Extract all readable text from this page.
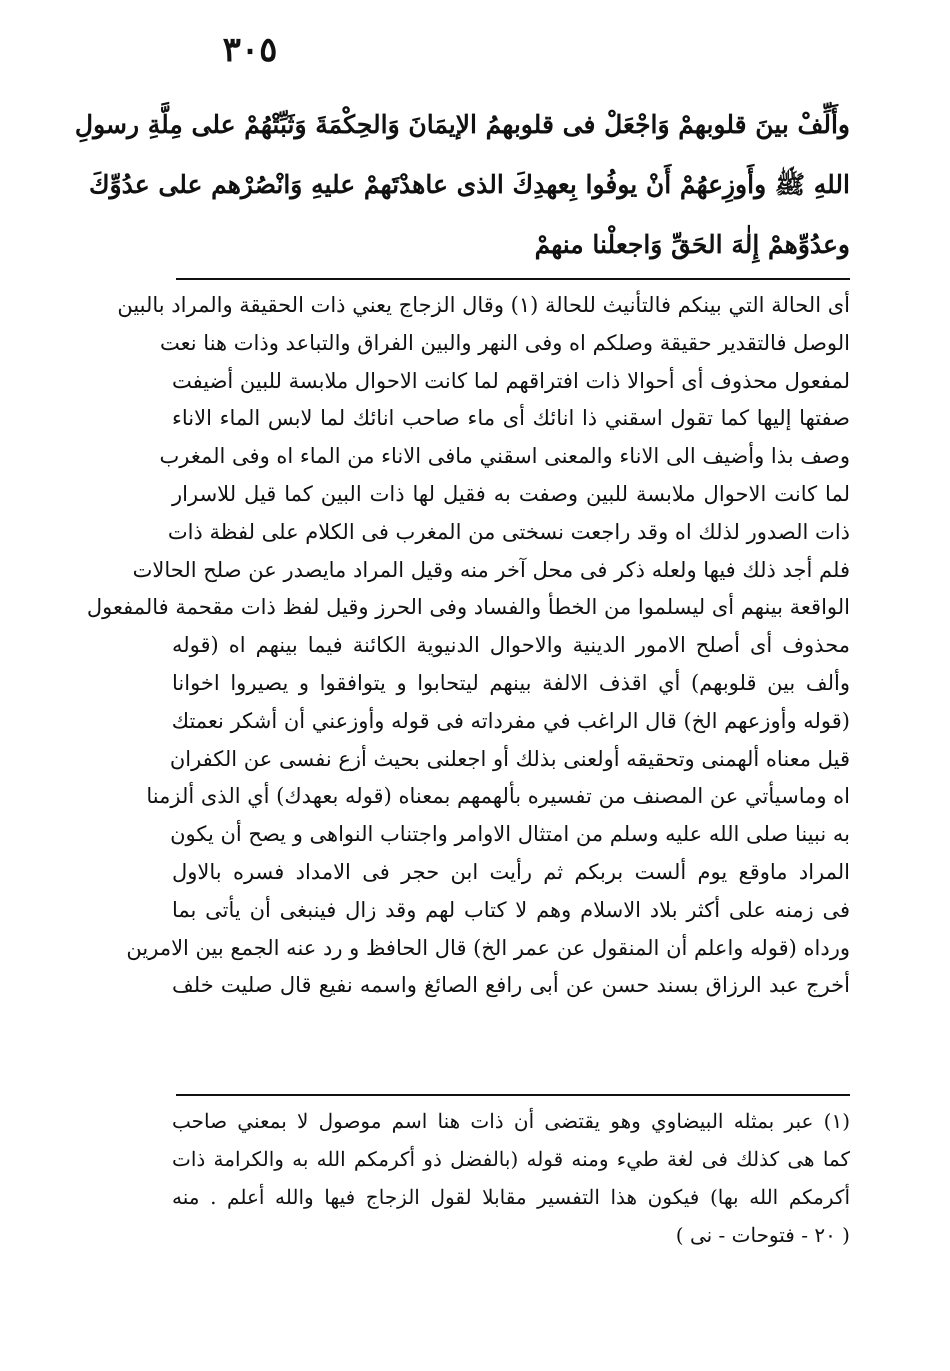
٣٠٥
وأَلِّفْ بينَ قلوبهمْ وَاجْعَلْ فى قلوبهمُ الإيمَانَ وَالحِكْمَةَ وَثَبِّتْهُمْ على مِلَّةِ رسولِ
اللهِ ﷺ وأَوزِعهُمْ أَنْ يوفُوا بِعهدِكَ الذى عاهدْتَهمْ عليهِ وَانْصُرْهم على عدُوِّكَ
وعدُوِّهمْ إِلٰهَ الحَقِّ وَاجعلْنا منهمْ
أى الحالة التي بينكم فالتأنيث للحالة (١) وقال الزجاج يعني ذات الحقيقة والمراد بالبين
الوصل فالتقدير حقيقة وصلكم اه وفى النهر والبين الفراق والتباعد وذات هنا نعت
لمفعول محذوف أى أحوالا ذات افتراقهم لما كانت الاحوال ملابسة للبين أضيفت
صفتها إليها كما تقول اسقني ذا انائك أى ماء صاحب انائك لما لابس الماء الاناء
وصف بذا وأضيف الى الاناء والمعنى اسقني مافى الاناء من الماء اه وفى المغرب
لما كانت الاحوال ملابسة للبين وصفت به فقيل لها ذات البين كما قيل للاسرار
ذات الصدور لذلك اه وقد راجعت نسختى من المغرب فى الكلام على لفظة ذات
فلم أجد ذلك فيها ولعله ذكر فى محل آخر منه وقيل المراد مايصدر عن صلح الحالات
الواقعة بينهم أى ليسلموا من الخطأ والفساد وفى الحرز وقيل لفظ ذات مقحمة فالمفعول
محذوف أى أصلح الامور الدينية والاحوال الدنيوية الكائنة فيما بينهم اه (قوله
وألف بين قلوبهم) أي اقذف الالفة بينهم ليتحابوا و يتوافقوا و يصيروا اخوانا
(قوله وأوزعهم الخ) قال الراغب في مفرداته فى قوله وأوزعني أن أشكر نعمتك
قيل معناه ألهمنى وتحقيقه أولعنى بذلك أو اجعلنى بحيث أزع نفسى عن الكفران
اه وماسيأتي عن المصنف من تفسيره بألهمهم بمعناه (قوله بعهدك) أي الذى ألزمنا
به نبينا صلى الله عليه وسلم من امتثال الاوامر واجتناب النواهى و يصح أن يكون
المراد ماوقع يوم ألست بربكم ثم رأيت ابن حجر فى الامداد فسره بالاول
فى زمنه على أكثر بلاد الاسلام وهم لا كتاب لهم وقد زال فينبغى أن يأتى بما
ورداه (قوله واعلم أن المنقول عن عمر الخ) قال الحافظ و رد عنه الجمع بين الامرين
أخرج عبد الرزاق بسند حسن عن أبى رافع الصائغ واسمه نفيع قال صليت خلف
(١) عبر بمثله البيضاوي وهو يقتضى أن ذات هنا اسم موصول لا بمعني صاحب
كما هى كذلك فى لغة طيء ومنه قوله (بالفضل ذو أكرمكم الله به والكرامة ذات
أكرمكم الله بها) فيكون هذا التفسير مقابلا لقول الزجاج فيها والله أعلم . منه
( ٢٠ - فتوحات - نى )
